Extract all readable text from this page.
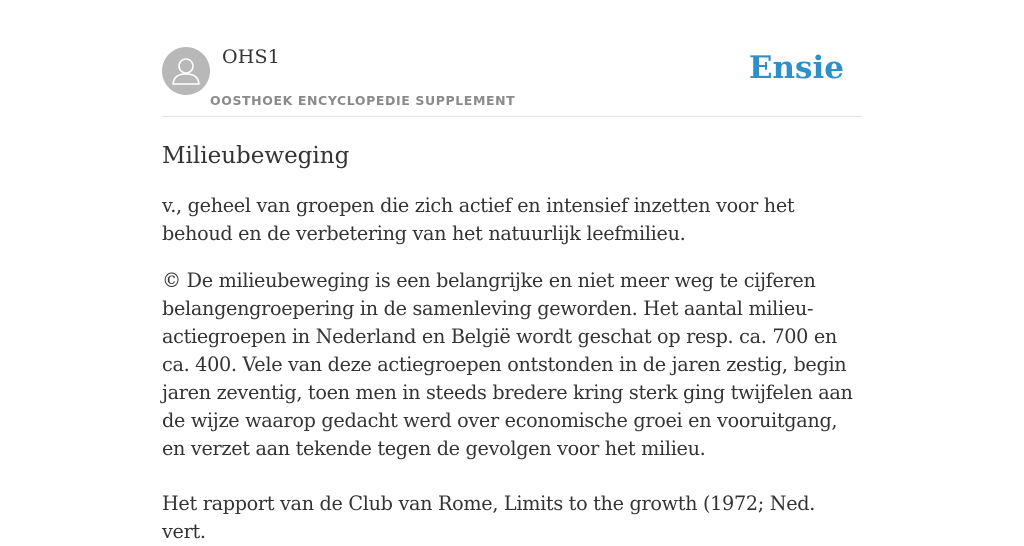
OHS1
OOSTHOEK ENCYCLOPEDIE SUPPLEMENT
Ensie
Milieubeweging

v., geheel van groepen die zich actief en intensief inzetten voor het behoud en de verbetering van het natuurlijk leefmilieu.

© De milieubeweging is een belangrijke en niet meer weg te cijferen belangengroepering in de samenleving geworden. Het aantal milieuactiegroepen in Nederland en België wordt geschat op resp. ca. 700 en ca. 400. Vele van deze actiegroepen ontstonden in de jaren zestig, begin jaren zeventig, toen men in steeds bredere kring sterk ging twijfelen aan de wijze waarop gedacht werd over economische groei en vooruitgang, en verzet aan tekende tegen de gevolgen voor het milieu.

Het rapport van de Club van Rome, Limits to the growth (1972; Ned. vert.
